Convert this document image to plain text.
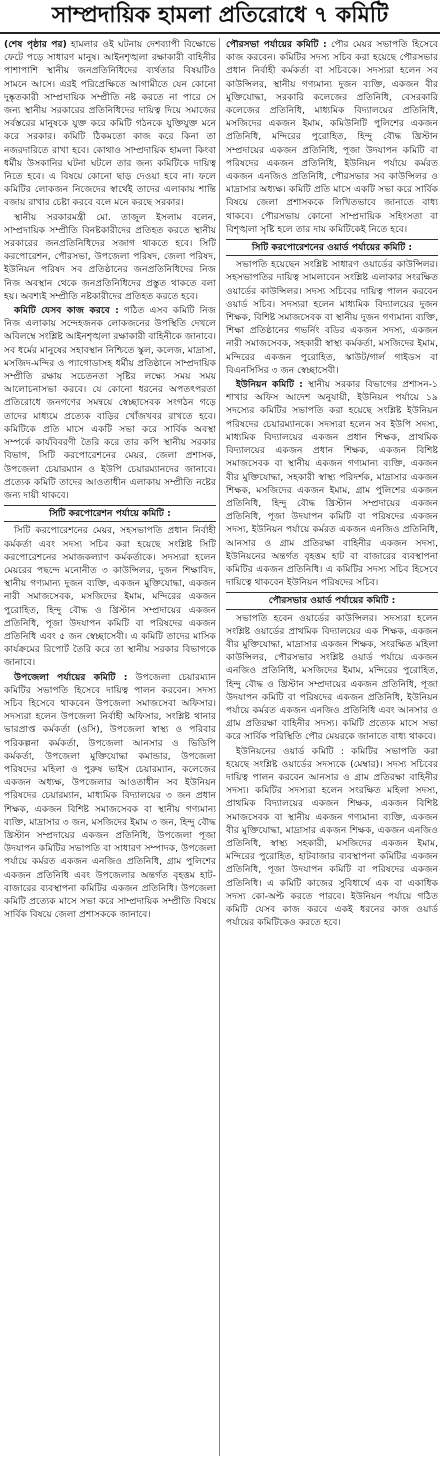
সাম্প্রদায়িক হামলা প্রতিরোধে ৭ কমিটি

(শেষ পৃষ্ঠার পর) হামলার ওই ঘটনায় দেশব্যাপী বিক্ষোভে ফেটে পড়ে সাধারণ মানুষ। আইনশৃঙ্খলা রক্ষাকারী বাহিনীর পাশাপাশি স্থানীয় জনপ্রতিনিধিদের ব্যর্থতার বিষয়টিও সামনে আসে। এরই পরিপ্রেক্ষিতে আগামীতে যেন কোনো দুষ্কৃতকারী সাম্প্রদায়িক সম্প্রীতি নষ্ট করতে না পারে সে জন্য স্থানীয় সরকারের প্রতিনিধিদের দায়িত্ব দিয়ে সমাজের সর্বস্তরের মানুষকে যুক্ত করে কমিটি গঠনকে যুক্তিযুক্ত মনে করে সরকার। কমিটি ঠিকমতো কাজ করে কিনা তা নজরদারিতে রাখা হবে। কোথাও সাম্প্রদায়িক হামলা কিংবা ধর্মীয় উসকানির ঘটনা ঘটলে তার জন্য কমিটিকে দায়িত্ব নিতে হবে। এ বিষয়ে কোনো ছাড় দেওয়া হবে না। ফলে কমিটির লোকজন নিজেদের স্বার্থেই তাদের এলাকায় শান্তি বজায় রাখার চেষ্টা করবে বলে মনে করছে সরকার।

স্থানীয় সরকারমন্ত্রী মো. তাজুল ইসলাম বলেন, সাম্প্রদায়িক সম্প্রীতি বিনষ্টকারীদের প্রতিহত করতে স্থানীয় সরকারের জনপ্রতিনিধিদের সজাগ থাকতে হবে। সিটি করপোরেশন, পৌরসভা, উপজেলা পরিষদ, জেলা পরিষদ, ইউনিয়ন পরিষদ সব প্রতিষ্ঠানের জনপ্রতিনিধিদের নিজ নিজ অবস্থান থেকে জনপ্রতিনিধিদের প্রস্তুত থাকতে বলা হয়। অবশ্যই সম্প্রীতি নষ্টকারীদের প্রতিহত করতে হবে।

কমিটি যেসব কাজ করবে : গঠিত এসব কমিটি নিজ নিজ এলাকায় সন্দেহজনক লোকজনের উপস্থিতি দেখলে অবিলম্বে সংশ্লিষ্ট আইনশৃঙ্খলা রক্ষাকারী বাহিনীকে জানাবে। সব ধর্মের মানুষের সহাবস্থান নিশ্চিতে স্কুল, কলেজ, মাদ্রাসা, মসজিদ-মন্দির ও প্যাগোডাসহ ধর্মীয় প্রতিষ্ঠানে সাম্প্রদায়িক সম্প্রীতি রক্ষায় সচেতনতা সৃষ্টির লক্ষ্যে সময় সময় আলোচনাসভা করবে। যে কোনো ধরনের অপতৎপরতা প্রতিরোধে জনগণের সমন্বয়ে স্বেচ্ছাসেবক সংগঠন গড়ে তাদের মাধ্যমে প্রত্যেক বাড়ির খোঁজখবর রাখতে হবে। কমিটিকে প্রতি মাসে একটি সভা করে সার্বিক অবস্থা সম্পর্কে কার্যবিবরণী তৈরি করে তার কপি স্থানীয় সরকার বিভাগ, সিটি করপোরেশনের মেয়র, জেলা প্রশাসক, উপজেলা চেয়ারম্যান ও ইউপি চেয়ারম্যানদের জানাবে। প্রত্যেক কমিটি তাদের আওতাধীন এলাকায় সম্প্রীতি নষ্টের জন্য দায়ী থাকবে।

সিটি করপোরেশন পর্যায়ে কমিটি :

সিটি করপোরেশনের মেয়র, সহসভাপতি প্রধান নির্বাহী কর্মকর্তা এবং সদস্য সচিব করা হয়েছে সংশ্লিষ্ট সিটি করপোরেশনের সমাজকল্যাণ কর্মকর্তাকে। সদস্যরা হলেন মেয়রের পছন্দে মনোনীত ৩ কাউন্সিলর, দুজন শিক্ষাবিদ, স্থানীয় গণ্যমান্য দুজন ব্যক্তি, একজন মুক্তিযোদ্ধা, একজন নারী সমাজসেবক, মসজিদের ইমাম, মন্দিরের একজন পুরোহিত, হিন্দু বৌদ্ধ ও খ্রিস্টান সম্প্রদায়ের একজন প্রতিনিধি, পূজা উদযাপন কমিটি বা পরিষদের একজন প্রতিনিধি এবং ৫ জন স্বেচ্ছাসেবী। এ কমিটি তাদের মাসিক কার্যক্রমের রিপোর্ট তৈরি করে তা স্থানীয় সরকার বিভাগকে জানাবে।

উপজেলা পর্যায়ের কমিটি : উপজেলা চেয়ারম্যান কমিটির সভাপতি হিসেবে দায়িত্ব পালন করবেন। সদস্য সচিব হিসেবে থাকবেন উপজেলা সমাজসেবা অফিসার। সদস্যরা হলেন উপজেলা নির্বাহী অফিসার, সংশ্লিষ্ট থানার ভারপ্রাপ্ত কর্মকর্তা (ওসি), উপজেলা স্বাস্থ্য ও পরিবার পরিকল্পনা কর্মকর্তা, উপজেলা আনসার ও ভিডিপি কর্মকর্তা, উপজেলা মুক্তিযোদ্ধা কমান্ডার, উপজেলা পরিষদের মহিলা ও পুরুষ ভাইস চেয়ারম্যান, কলেজের একজন অধ্যক্ষ, উপজেলার আওতাধীন সব ইউনিয়ন পরিষদের চেয়ারম্যান, মাধ্যমিক বিদ্যালয়ের ৩ জন প্রধান শিক্ষক, একজন বিশিষ্ট সমাজসেবক বা স্থানীয় গণ্যমান্য ব্যক্তি, মাদ্রাসার ৩ জন, মসজিদের ইমাম ৩ জন, হিন্দু বৌদ্ধ খ্রিস্টান সম্প্রদায়ের একজন প্রতিনিধি, উপজেলা পূজা উদযাপন কমিটির সভাপতি বা সাধারণ সম্পাদক, উপজেলা পর্যায়ে কর্মরত একজন এনজিও প্রতিনিধি, গ্রাম পুলিশের একজন প্রতিনিধি এবং উপজেলার অন্তর্গত বৃহত্তম হাট-বাজারের ব্যবস্থাপনা কমিটির একজন প্রতিনিধি। উপজেলা কমিটি প্রত্যেক মাসে সভা করে সাম্প্রদায়িক সম্প্রীতি বিষয়ে সার্বিক বিষয়ে জেলা প্রশাসককে জানাবে।

পৌরসভা পর্যায়ের কমিটি : পৌর মেয়র সভাপতি হিসেবে কাজ করবেন। কমিটির সদস্য সচিব করা হয়েছে পৌরসভার প্রধান নির্বাহী কর্মকর্তা বা সচিবকে। সদস্যরা হলেন সব কাউন্সিলর, স্থানীয় গণ্যমান্য দুজন ব্যক্তি, একজন বীর মুক্তিযোদ্ধা, সরকারি কলেজের প্রতিনিধি, বেসরকারি কলেজের প্রতিনিধি, মাধ্যমিক বিদ্যালয়ের প্রতিনিধি, মসজিদের একজন ইমাম, কমিউনিটি পুলিশের একজন প্রতিনিধি, মন্দিরের পুরোহিত, হিন্দু বৌদ্ধ খ্রিস্টান সম্প্রদায়ের একজন প্রতিনিধি, পূজা উদযাপন কমিটি বা পরিষদের একজন প্রতিনিধি, ইউনিয়ন পর্যায়ে কর্মরত একজন এনজিও প্রতিনিধি, পৌরসভার সব কাউন্সিলর ও মাদ্রাসার অধ্যক্ষ। কমিটি প্রতি মাসে একটি সভা করে সার্বিক বিষয়ে জেলা প্রশাসককে লিখিতভাবে জানাতে বাধ্য থাকবে। পৌরসভায় কোনো সাম্প্রদায়িক সহিংসতা বা বিশৃঙ্খলা সৃষ্টি হলে তার দায় কমিটিকেই নিতে হবে।

সিটি করপোরেশনের ওয়ার্ড পর্যায়ের কমিটি :

সভাপতি হয়েছেন সংশ্লিষ্ট সাধারণ ওয়ার্ডের কাউন্সিলর। সহসভাপতির দায়িত্ব সামলাবেন সংশ্লিষ্ট এলাকার সংরক্ষিত ওয়ার্ডের কাউন্সিলর। সদস্য সচিবের দায়িত্ব পালন করবেন ওয়ার্ড সচিব। সদস্যরা হলেন মাধ্যমিক বিদ্যালয়ের দুজন শিক্ষক, বিশিষ্ট সমাজসেবক বা স্থানীয় দুজন গণ্যমান্য ব্যক্তি, শিক্ষা প্রতিষ্ঠানের গভর্নিং বডির একজন সদস্য, একজন নারী সমাজসেবক, সহকারী স্বাস্থ্য কর্মকর্তা, মসজিদের ইমাম, মন্দিরের একজন পুরোহিত, স্কাউট/গার্ল গাইডস বা বিএনসিসির ৩ জন স্বেচ্ছাসেবী।

ইউনিয়ন কমিটি : স্থানীয় সরকার বিভাগের প্রশাসন-১ শাখার অফিস আদেশ অনুযায়ী, ইউনিয়ন পর্যায়ে ১৯ সদস্যের কমিটির সভাপতি করা হয়েছে সংশ্লিষ্ট ইউনিয়ন পরিষদের চেয়ারম্যানকে। সদস্যরা হলেন সব ইউপি সদস্য, মাধ্যমিক বিদ্যালয়ের একজন প্রধান শিক্ষক, প্রাথমিক বিদ্যালয়ের একজন প্রধান শিক্ষক, একজন বিশিষ্ট সমাজসেবক বা স্থানীয় একজন গণ্যমান্য ব্যক্তি, একজন বীর মুক্তিযোদ্ধা, সহকারী স্বাস্থ্য পরিদর্শক, মাদ্রাসার একজন শিক্ষক, মসজিদের একজন ইমাম, গ্রাম পুলিশের একজন প্রতিনিধি, হিন্দু বৌদ্ধ খ্রিস্টান সম্প্রদায়ের একজন প্রতিনিধি, পূজা উদযাপন কমিটি বা পরিষদের একজন সদস্য, ইউনিয়ন পর্যায়ে কর্মরত একজন এনজিও প্রতিনিধি, আনসার ও গ্রাম প্রতিরক্ষা বাহিনীর একজন সদস্য, ইউনিয়নের অন্তর্গত বৃহত্তম হাট বা বাজারের ব্যবস্থাপনা কমিটির একজন প্রতিনিধি। এ কমিটির সদস্য সচিব হিসেবে দায়িত্বে থাকবেন ইউনিয়ন পরিষদের সচিব।

পৌরসভার ওয়ার্ড পর্যায়ের কমিটি :

সভাপতি হবেন ওয়ার্ডের কাউন্সিলর। সদস্যরা হলেন সংশ্লিষ্ট ওয়ার্ডের প্রাথমিক বিদ্যালয়ের এক শিক্ষক, একজন বীর মুক্তিযোদ্ধা, মাদ্রাসার একজন শিক্ষক, সংরক্ষিত মহিলা কাউন্সিলর, পৌরসভার সংশ্লিষ্ট ওয়ার্ড পর্যায়ে একজন এনজিও প্রতিনিধি, মসজিদের ইমাম, মন্দিরের পুরোহিত, হিন্দু বৌদ্ধ ও খ্রিস্টান সম্প্রদায়ের একজন প্রতিনিধি, পূজা উদযাপন কমিটি বা পরিষদের একজন প্রতিনিধি, ইউনিয়ন পর্যায়ে কর্মরত একজন এনজিও প্রতিনিধি এবং আনসার ও গ্রাম প্রতিরক্ষা বাহিনীর সদস্য। কমিটি প্রত্যেক মাসে সভা করে সার্বিক পরিস্থিতি পৌর মেয়রকে জানাতে বাধ্য থাকবে।

ইউনিয়নের ওয়ার্ড কমিটি : কমিটির সভাপতি করা হয়েছে সংশ্লিষ্ট ওয়ার্ডের সদস্যকে (মেম্বার)। সদস্য সচিবের দায়িত্ব পালন করবেন আনসার ও গ্রাম প্রতিরক্ষা বাহিনীর সদস্য। কমিটির সদস্যরা হলেন সংরক্ষিত মহিলা সদস্য, প্রাথমিক বিদ্যালয়ের একজন শিক্ষক, একজন বিশিষ্ট সমাজসেবক বা স্থানীয় একজন গণ্যমান্য ব্যক্তি, একজন বীর মুক্তিযোদ্ধা, মাদ্রাসার একজন শিক্ষক, একজন এনজিও প্রতিনিধি, স্বাস্থ্য সহকারী, মসজিদের একজন ইমাম, মন্দিরের পুরোহিত, হাটবাজার ব্যবস্থাপনা কমিটির একজন প্রতিনিধি, পূজা উদযাপন কমিটি বা পরিষদের একজন প্রতিনিধি। এ কমিটি কাজের সুবিধার্থে এক বা একাধিক সদস্য কো-অপ্ট করতে পারবে। ইউনিয়ন পর্যায়ে গঠিত কমিটি যেসব কাজ করবে একই ধরনের কাজ ওয়ার্ড পর্যায়ের কমিটিকেও করতে হবে।
